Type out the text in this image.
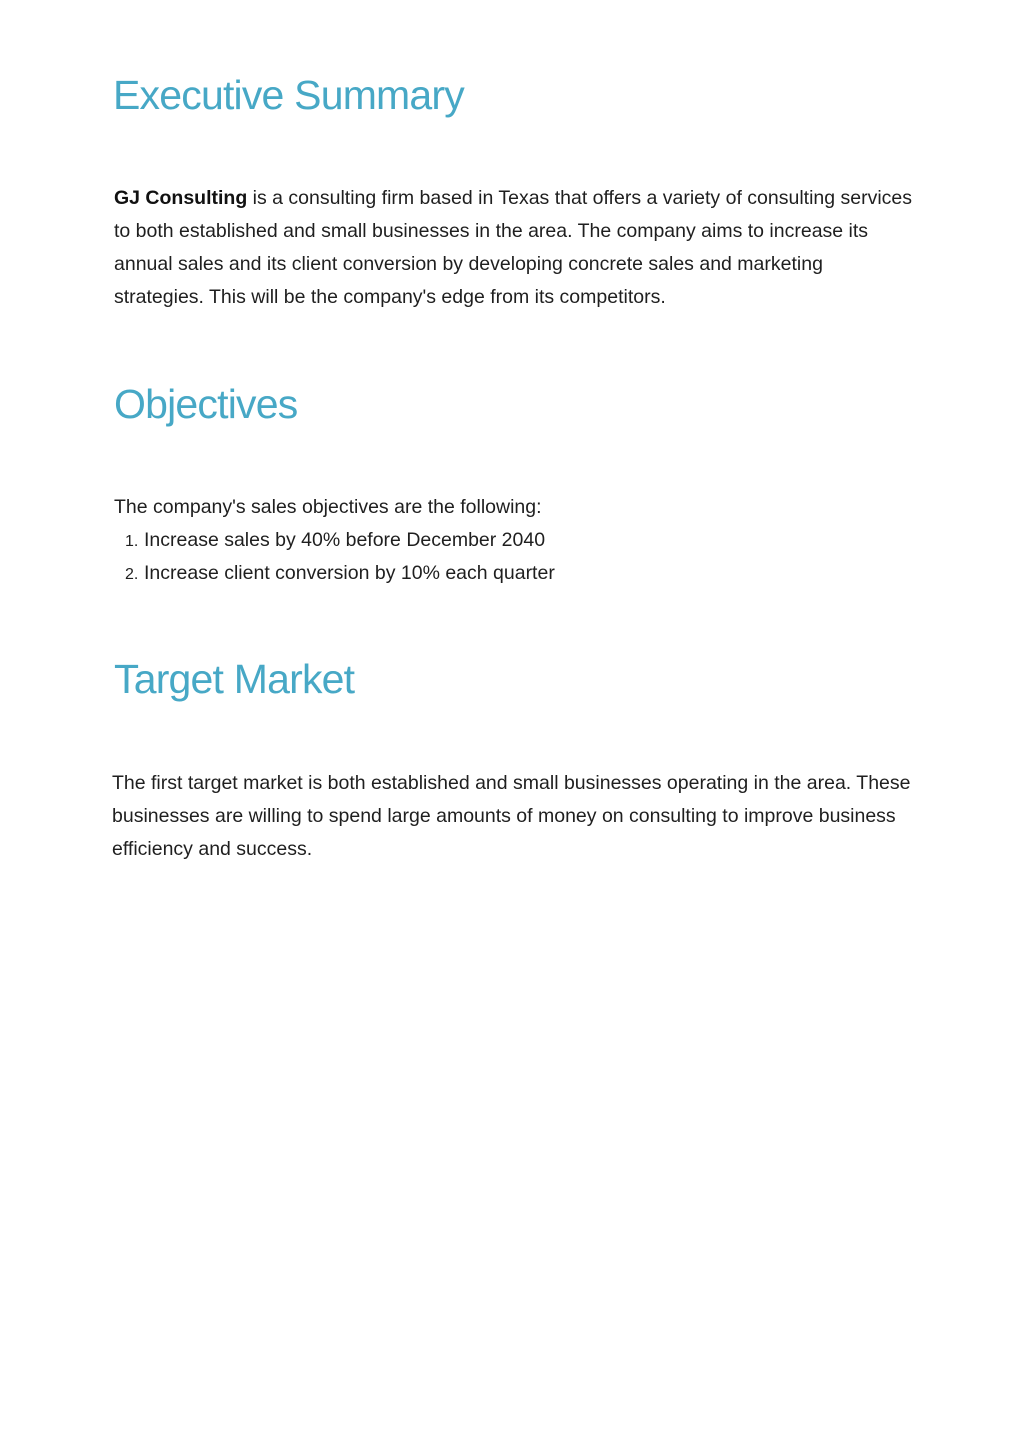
Executive Summary

GJ Consulting is a consulting firm based in Texas that offers a variety of consulting services to both established and small businesses in the area. The company aims to increase its annual sales and its client conversion by developing concrete sales and marketing strategies. This will be the company's edge from its competitors.

Objectives

The company's sales objectives are the following:

1. Increase sales by 40% before December 2040
2. Increase client conversion by 10% each quarter
Target Market

The first target market is both established and small businesses operating in the area. These businesses are willing to spend large amounts of money on consulting to improve business efficiency and success.
